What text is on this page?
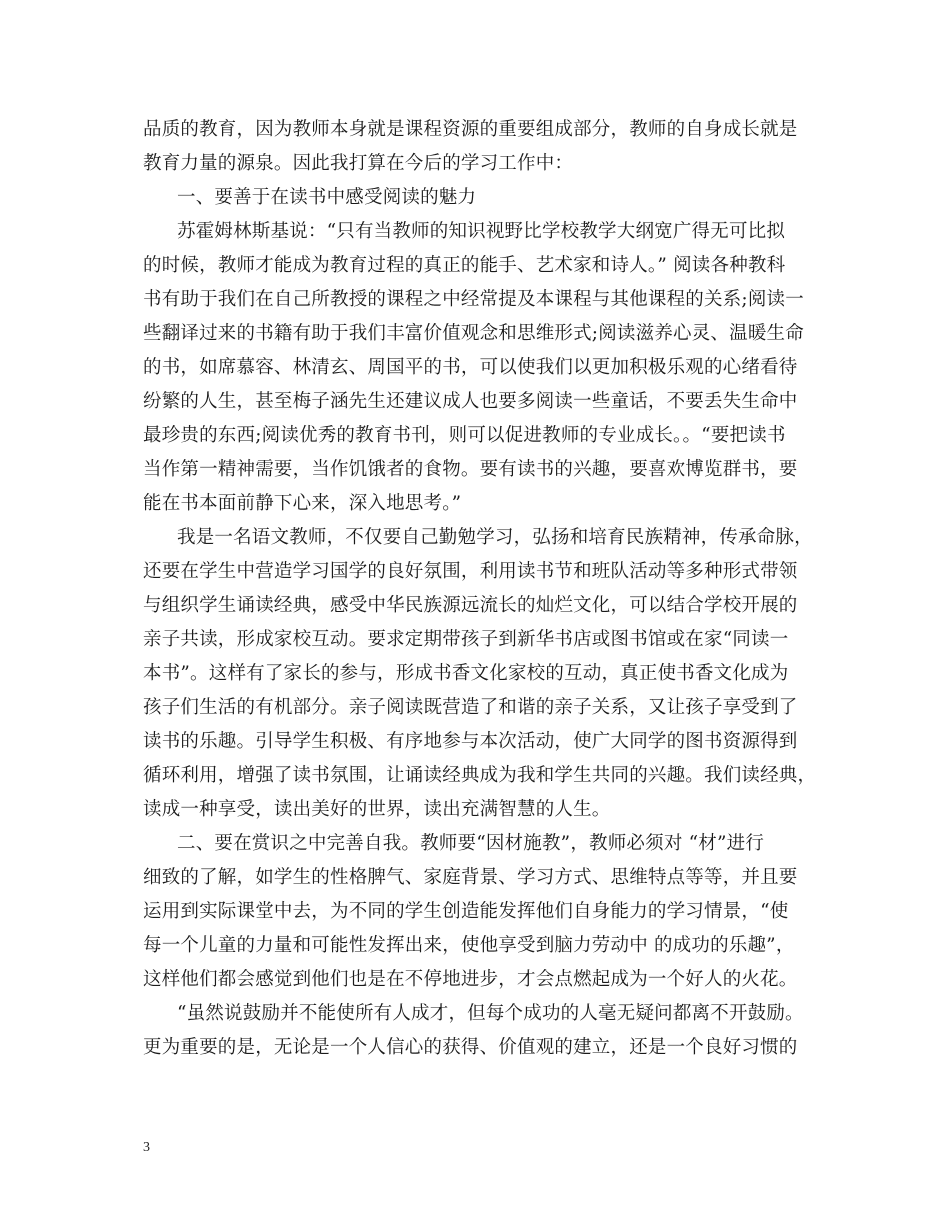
品质的教育，因为教师本身就是课程资源的重要组成部分，教师的自身成长就是
教育力量的源泉。因此我打算在今后的学习工作中：
一、要善于在读书中感受阅读的魅力
苏霍姆林斯基说：“只有当教师的知识视野比学校教学大纲宽广得无可比拟
的时候，教师才能成为教育过程的真正的能手、艺术家和诗人。” 阅读各种教科
书有助于我们在自己所教授的课程之中经常提及本课程与其他课程的关系;阅读一
些翻译过来的书籍有助于我们丰富价值观念和思维形式;阅读滋养心灵、温暖生命
的书，如席慕容、林清玄、周国平的书，可以使我们以更加积极乐观的心绪看待
纷繁的人生，甚至梅子涵先生还建议成人也要多阅读一些童话，不要丢失生命中
最珍贵的东西;阅读优秀的教育书刊，则可以促进教师的专业成长。。“要把读书
当作第一精神需要，当作饥饿者的食物。要有读书的兴趣，要喜欢博览群书，要
能在书本面前静下心来，深入地思考。”
我是一名语文教师，不仅要自己勤勉学习，弘扬和培育民族精神，传承命脉，
还要在学生中营造学习国学的良好氛围，利用读书节和班队活动等多种形式带领
与组织学生诵读经典，感受中华民族源远流长的灿烂文化，可以结合学校开展的
亲子共读，形成家校互动。要求定期带孩子到新华书店或图书馆或在家“同读一
本书”。这样有了家长的参与，形成书香文化家校的互动，真正使书香文化成为
孩子们生活的有机部分。亲子阅读既营造了和谐的亲子关系，又让孩子享受到了
读书的乐趣。引导学生积极、有序地参与本次活动，使广大同学的图书资源得到
循环利用，增强了读书氛围，让诵读经典成为我和学生共同的兴趣。我们读经典，
读成一种享受，读出美好的世界，读出充满智慧的人生。
二、要在赏识之中完善自我。教师要“因材施教”，教师必须对 “材”进行
细致的了解，如学生的性格脾气、家庭背景、学习方式、思维特点等等，并且要
运用到实际课堂中去，为不同的学生创造能发挥他们自身能力的学习情景，“使
每一个儿童的力量和可能性发挥出来，使他享受到脑力劳动中 的成功的乐趣”，
这样他们都会感觉到他们也是在不停地进步，才会点燃起成为一个好人的火花。
“虽然说鼓励并不能使所有人成才，但每个成功的人毫无疑问都离不开鼓励。
更为重要的是，无论是一个人信心的获得、价值观的建立，还是一个良好习惯的
3
